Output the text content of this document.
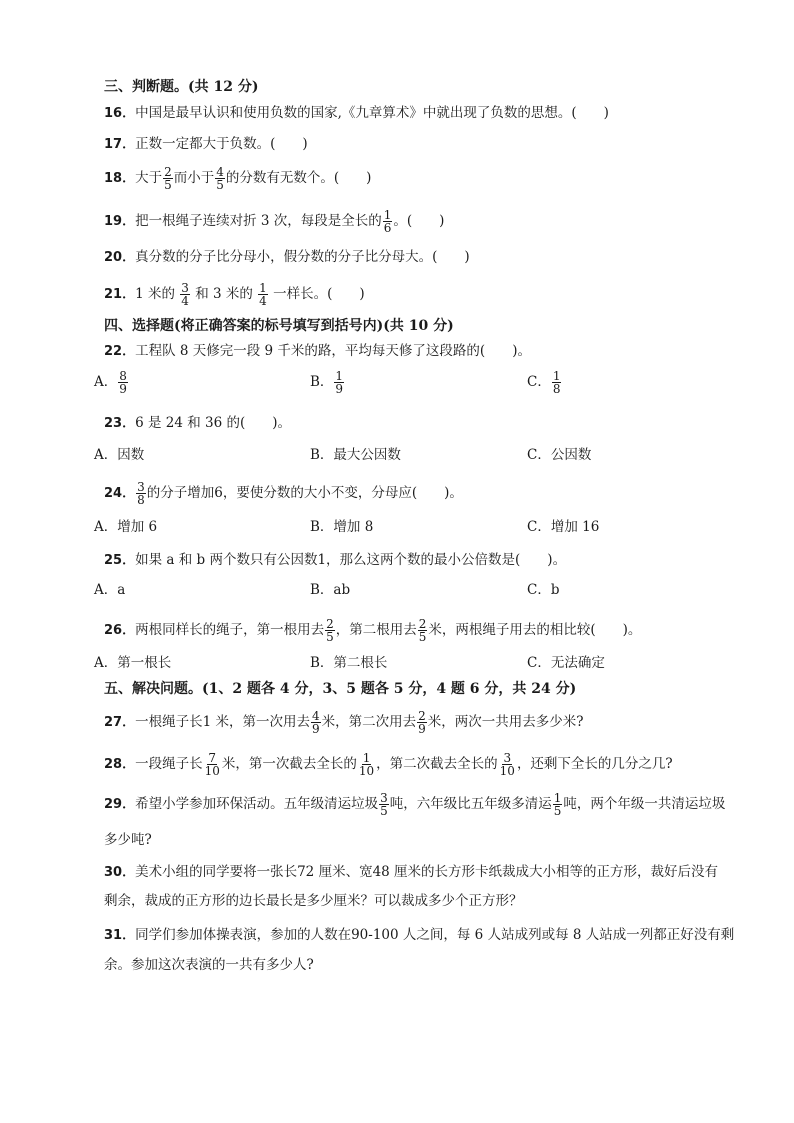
三、判断题。(共 12 分)
16．中国是最早认识和使用负数的国家,《九章算术》中就出现了负数的思想。(　　)
17．正数一定都大于负数。(　　)
18．大于 $\frac{2}{5}$ 而小于 $\frac{4}{5}$ 的分数有无数个。(　　)
19．把一根绳子连续对折 3 次，每段是全长的 $\frac{1}{6}$ 。(　　)
20．真分数的分子比分母小，假分数的分子比分母大。(　　)
21．1 米的 $\frac{3}{4}$ 和 3 米的 $\frac{1}{4}$ 一样长。(　　)
四、选择题(将正确答案的标号填写到括号内)(共 10 分)
22．工程队 8 天修完一段 9 千米的路，平均每天修了这段路的(　　)。
A． $\frac{8}{9}$	B． $\frac{1}{9}$	C． $\frac{1}{8}$
23．6 是 24 和 36 的(　　)。
A．因数	B．最大公因数	C．公因数
24． $\frac{3}{8}$ 的分子增加6，要使分数的大小不变，分母应(　　)。
A．增加 6	B．增加 8	C．增加 16
25．如果 a 和 b 两个数只有公因数1，那么这两个数的最小公倍数是(　　)。
A．a	B．ab	C．b
26．两根同样长的绳子，第一根用去 $\frac{2}{5}$ ，第二根用去 $\frac{2}{5}$ 米，两根绳子用去的相比较(　　)。
A．第一根长	B．第二根长	C．无法确定
五、解决问题。(1、2 题各 4 分，3、5 题各 5 分，4 题 6 分，共 24 分)
27．一根绳子长1 米，第一次用去 $\frac{4}{9}$ 米，第二次用去 $\frac{2}{9}$ 米，两次一共用去多少米?
28．一段绳子长 $\frac{7}{10}$ 米，第一次截去全长的 $\frac{1}{10}$ ，第二次截去全长的 $\frac{3}{10}$ ，还剩下全长的几分之几?
29．希望小学参加环保活动。五年级清运垃圾 $\frac{3}{5}$ 吨，六年级比五年级多清运 $\frac{1}{5}$ 吨，两个年级一共清运垃圾
多少吨?
30．美术小组的同学要将一张长72 厘米、宽48 厘米的长方形卡纸裁成大小相等的正方形，裁好后没有
剩余，裁成的正方形的边长最长是多少厘米？可以裁成多少个正方形？
31．同学们参加体操表演，参加的人数在90-100 人之间，每 6 人站成列或每 8 人站成一列都正好没有剩
余。参加这次表演的一共有多少人?
